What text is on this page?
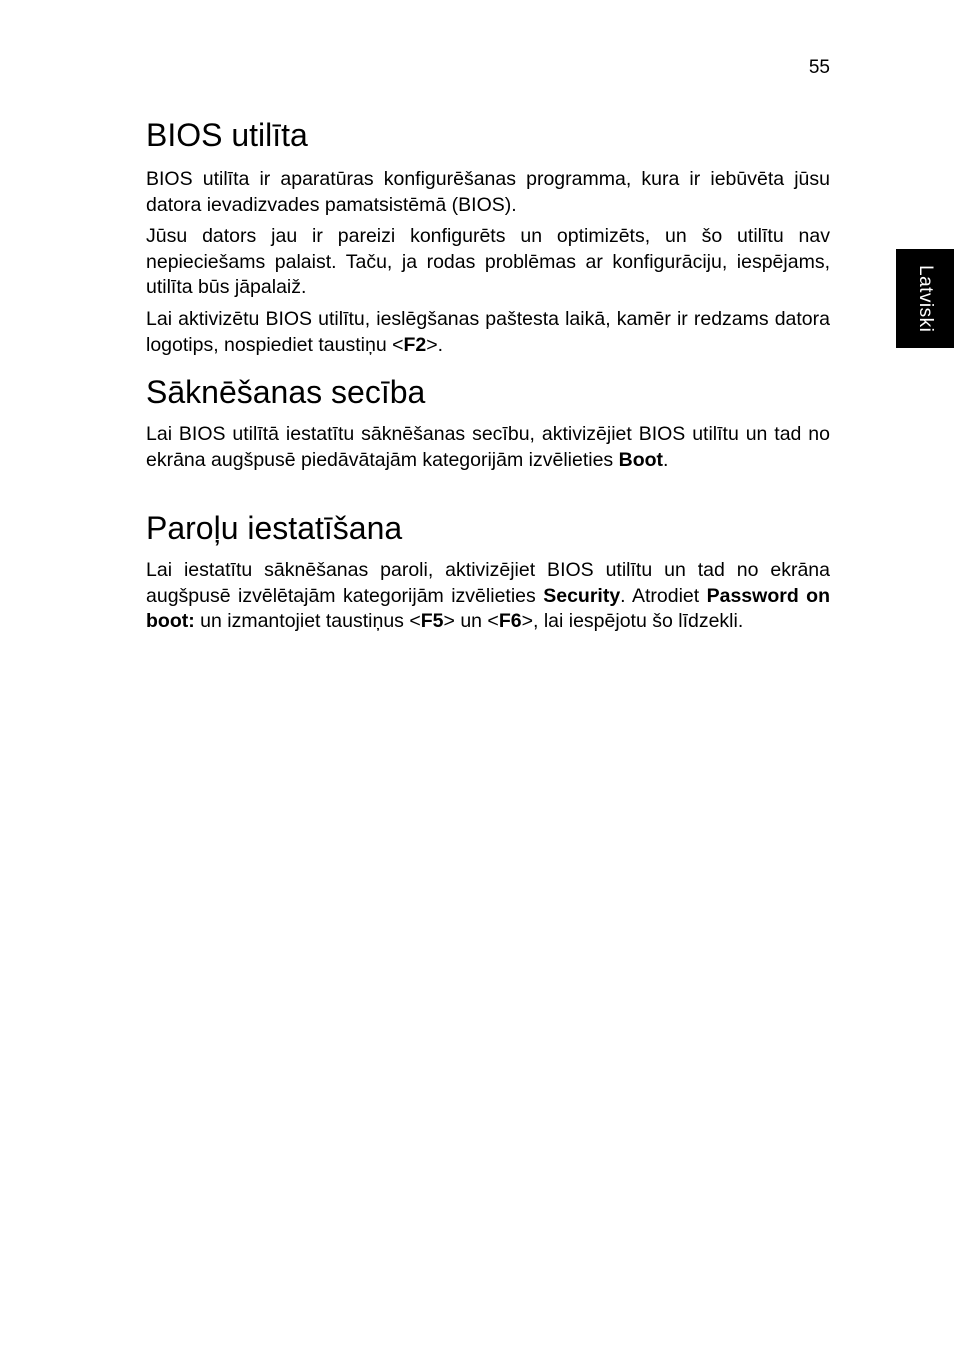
55
Latviski
BIOS utilīta

BIOS utilīta ir aparatūras konfigurēšanas programma, kura ir iebūvēta jūsu datora ievadizvades pamatsistēmā (BIOS).

Jūsu dators jau ir pareizi konfigurēts un optimizēts, un šo utilītu nav nepieciešams palaist. Taču, ja rodas problēmas ar konfigurāciju, iespējams, utilīta būs jāpalaiž.

Lai aktivizētu BIOS utilītu, ieslēgšanas paštesta laikā, kamēr ir redzams datora logotips, nospiediet taustiņu <F2>.

Sāknēšanas secība

Lai BIOS utilītā iestatītu sāknēšanas secību, aktivizējiet BIOS utilītu un tad no ekrāna augšpusē piedāvātajām kategorijām izvēlieties Boot.

Paroļu iestatīšana

Lai iestatītu sāknēšanas paroli, aktivizējiet BIOS utilītu un tad no ekrāna augšpusē izvēlētajām kategorijām izvēlieties Security. Atrodiet Password on boot: un izmantojiet taustiņus <F5> un <F6>, lai iespējotu šo līdzekli.
